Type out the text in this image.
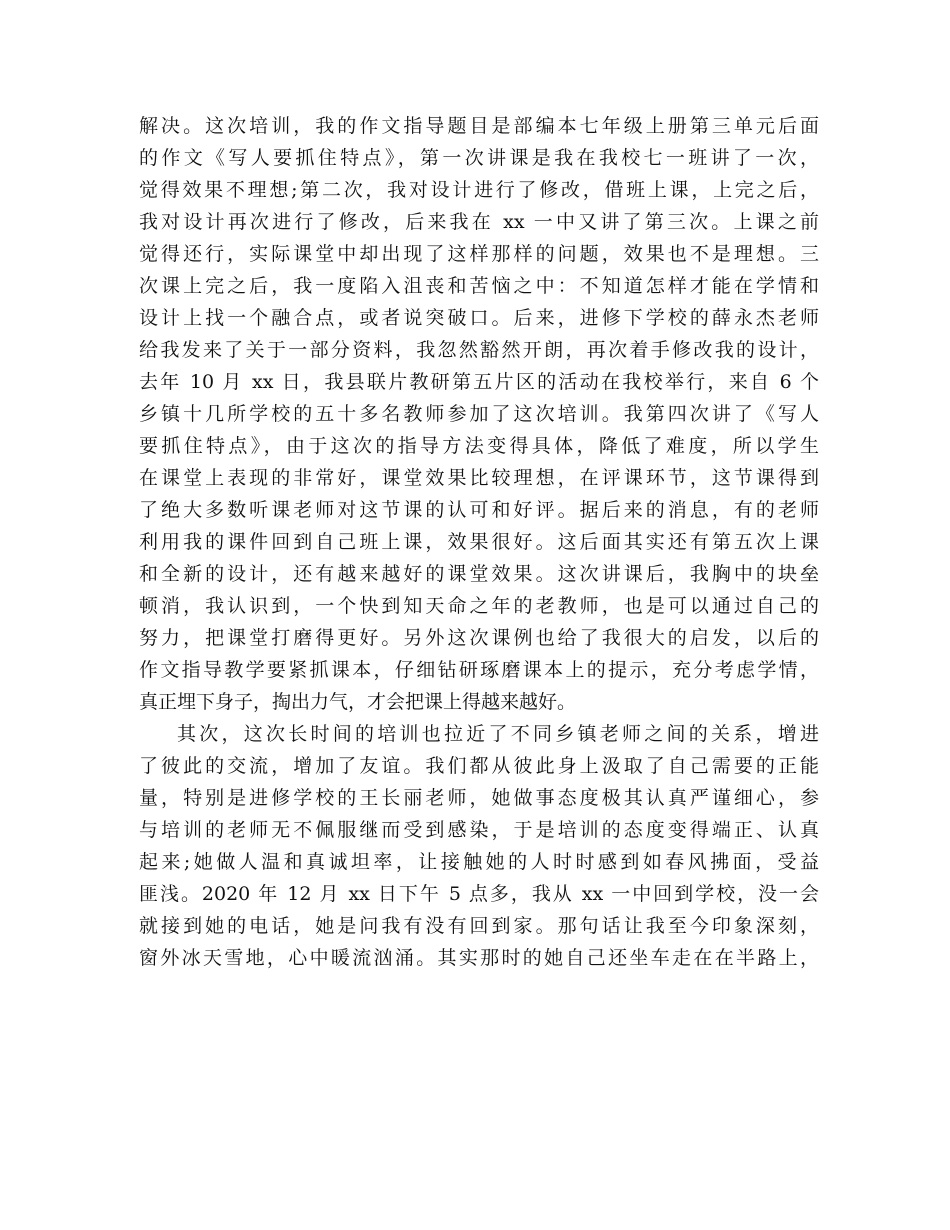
解决。这次培训，我的作文指导题目是部编本七年级上册第三单元后面
的作文《写人要抓住特点》，第一次讲课是我在我校七一班讲了一次，
觉得效果不理想;第二次，我对设计进行了修改，借班上课，上完之后，
我对设计再次进行了修改，后来我在 xx 一中又讲了第三次。上课之前
觉得还行，实际课堂中却出现了这样那样的问题，效果也不是理想。三
次课上完之后，我一度陷入沮丧和苦恼之中：不知道怎样才能在学情和
设计上找一个融合点，或者说突破口。后来，进修下学校的薛永杰老师
给我发来了关于一部分资料，我忽然豁然开朗，再次着手修改我的设计，
去年 10 月 xx 日，我县联片教研第五片区的活动在我校举行，来自 6 个
乡镇十几所学校的五十多名教师参加了这次培训。我第四次讲了《写人
要抓住特点》，由于这次的指导方法变得具体，降低了难度，所以学生
在课堂上表现的非常好，课堂效果比较理想，在评课环节，这节课得到
了绝大多数听课老师对这节课的认可和好评。据后来的消息，有的老师
利用我的课件回到自己班上课，效果很好。这后面其实还有第五次上课
和全新的设计，还有越来越好的课堂效果。这次讲课后，我胸中的块垒
顿消，我认识到，一个快到知天命之年的老教师，也是可以通过自己的
努力，把课堂打磨得更好。另外这次课例也给了我很大的启发，以后的
作文指导教学要紧抓课本，仔细钻研琢磨课本上的提示，充分考虑学情，
真正埋下身子，掏出力气，才会把课上得越来越好。
其次，这次长时间的培训也拉近了不同乡镇老师之间的关系，增进
了彼此的交流，增加了友谊。我们都从彼此身上汲取了自己需要的正能
量，特别是进修学校的王长丽老师，她做事态度极其认真严谨细心，参
与培训的老师无不佩服继而受到感染，于是培训的态度变得端正、认真
起来;她做人温和真诚坦率，让接触她的人时时感到如春风拂面，受益
匪浅。2020 年 12 月 xx 日下午 5 点多，我从 xx 一中回到学校，没一会
就接到她的电话，她是问我有没有回到家。那句话让我至今印象深刻，
窗外冰天雪地，心中暖流汹涌。其实那时的她自己还坐车走在在半路上，
